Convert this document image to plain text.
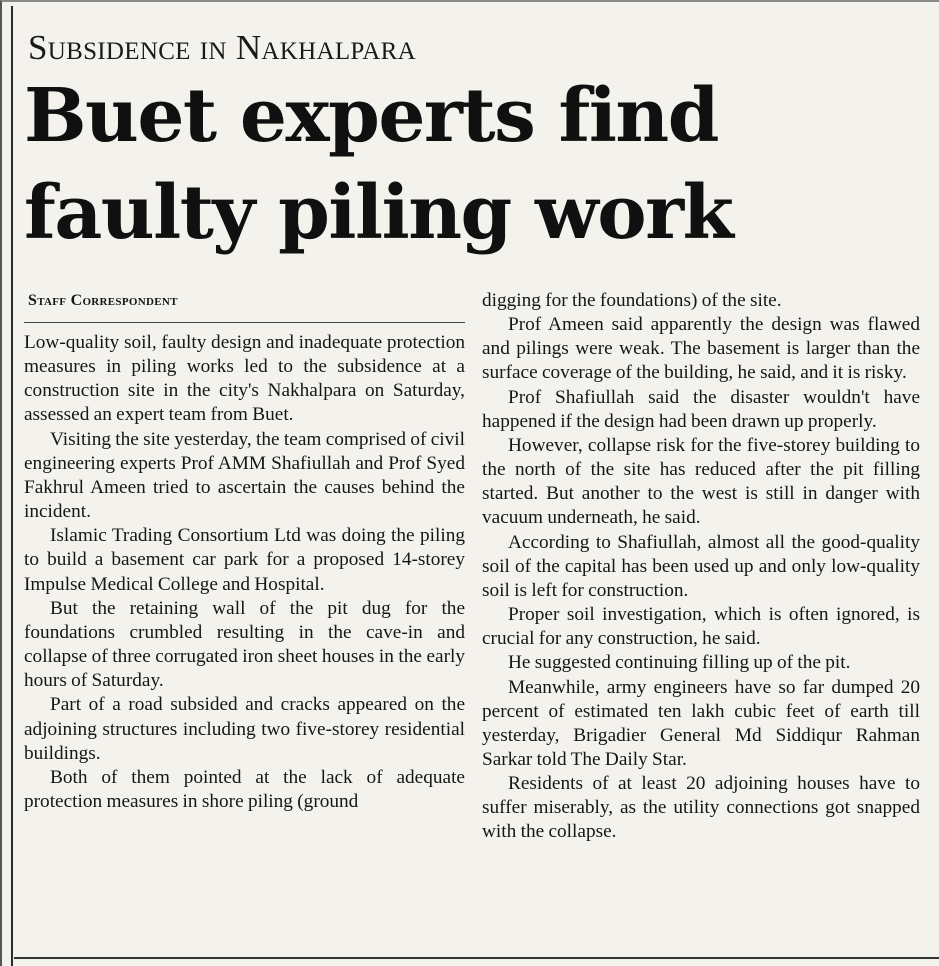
Subsidence in Nakhalpara
Buet experts find
faulty piling work
Staff Correspondent

Low-quality soil, faulty design and inadequate protection measures in piling works led to the subsidence at a construction site in the city's Nakhalpara on Saturday, assessed an expert team from Buet.

Visiting the site yesterday, the team comprised of civil engineering experts Prof AMM Shafiullah and Prof Syed Fakhrul Ameen tried to ascertain the causes behind the incident.

Islamic Trading Consortium Ltd was doing the piling to build a basement car park for a proposed 14-storey Impulse Medical College and Hospital.

But the retaining wall of the pit dug for the foundations crumbled resulting in the cave-in and collapse of three corrugated iron sheet houses in the early hours of Saturday.

Part of a road subsided and cracks appeared on the adjoining structures including two five-storey residential buildings.

Both of them pointed at the lack of adequate protection measures in shore piling (ground

digging for the foundations) of the site.

Prof Ameen said apparently the design was flawed and pilings were weak. The basement is larger than the surface coverage of the building, he said, and it is risky.

Prof Shafiullah said the disaster wouldn't have happened if the design had been drawn up properly.

However, collapse risk for the five-storey building to the north of the site has reduced after the pit filling started. But another to the west is still in danger with vacuum underneath, he said.

According to Shafiullah, almost all the good-quality soil of the capital has been used up and only low-quality soil is left for construction.

Proper soil investigation, which is often ignored, is crucial for any construction, he said.

He suggested continuing filling up of the pit.

Meanwhile, army engineers have so far dumped 20 percent of estimated ten lakh cubic feet of earth till yesterday, Brigadier General Md Siddiqur Rahman Sarkar told The Daily Star.

Residents of at least 20 adjoining houses have to suffer miserably, as the utility connections got snapped with the collapse.
